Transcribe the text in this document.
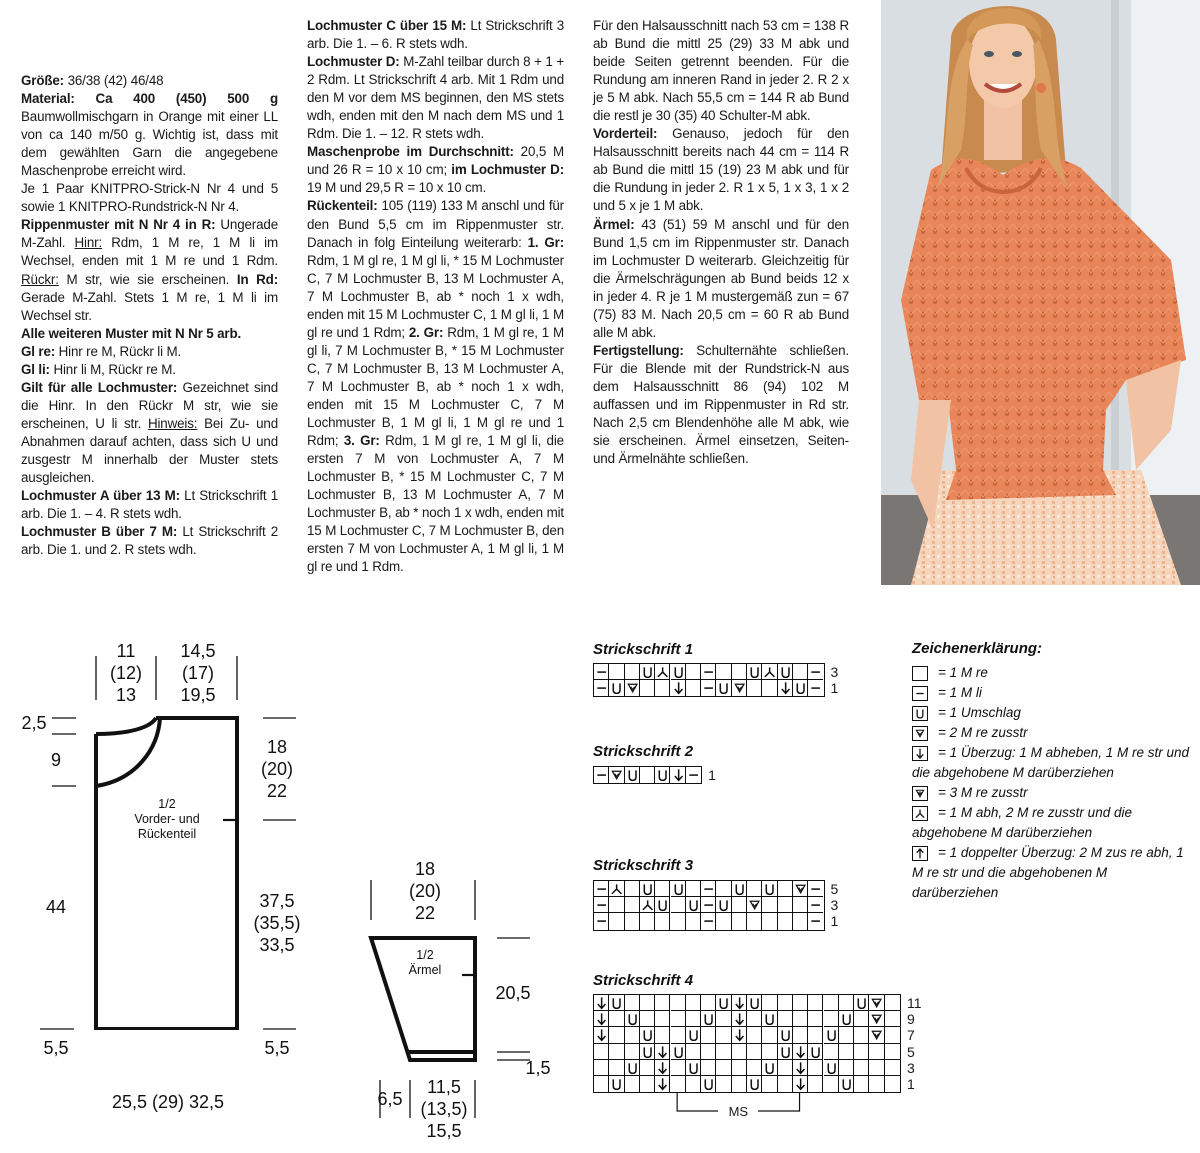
Größe: 36/38 (42) 46/48

Material: Ca 400 (450) 500 g Baumwollmischgarn in Orange mit einer LL von ca 140 m/50 g. Wichtig ist, dass mit dem gewählten Garn die angegebene Maschenprobe erreicht wird.

Je 1 Paar KNITPRO-Strick-N Nr 4 und 5 sowie 1 KNITPRO-Rundstrick-N Nr 4.

Rippenmuster mit N Nr 4 in R: Ungerade M-Zahl. Hinr: Rdm, 1 M re, 1 M li im Wechsel, enden mit 1 M re und 1 Rdm. Rückr: M str, wie sie erscheinen. In Rd: Gerade M-Zahl. Stets 1 M re, 1 M li im Wechsel str.

Alle weiteren Muster mit N Nr 5 arb.

Gl re: Hinr re M, Rückr li M.

Gl li: Hinr li M, Rückr re M.

Gilt für alle Lochmuster: Gezeichnet sind die Hinr. In den Rückr M str, wie sie erscheinen, U li str. Hinweis: Bei Zu- und Abnahmen darauf achten, dass sich U und zusgestr M innerhalb der Muster stets ausgleichen.

Lochmuster A über 13 M: Lt Strickschrift 1 arb. Die 1. – 4. R stets wdh.

Lochmuster B über 7 M: Lt Strickschrift 2 arb. Die 1. und 2. R stets wdh.

Lochmuster C über 15 M: Lt Strickschrift 3 arb. Die 1. – 6. R stets wdh.

Lochmuster D: M-Zahl teilbar durch 8 + 1 + 2 Rdm. Lt Strickschrift 4 arb. Mit 1 Rdm und den M vor dem MS beginnen, den MS stets wdh, enden mit den M nach dem MS und 1 Rdm. Die 1. – 12. R stets wdh.

Maschenprobe im Durchschnitt: 20,5 M und 26 R = 10 x 10 cm; im Lochmuster D: 19 M und 29,5 R = 10 x 10 cm.

Rückenteil: 105 (119) 133 M anschl und für den Bund 5,5 cm im Rippenmuster str. Danach in folg Einteilung weiterarb: 1. Gr: Rdm, 1 M gl re, 1 M gl li, * 15 M Lochmuster C, 7 M Lochmuster B, 13 M Lochmuster A, 7 M Lochmuster B, ab * noch 1 x wdh, enden mit 15 M Lochmuster C, 1 M gl li, 1 M gl re und 1 Rdm; 2. Gr: Rdm, 1 M gl re, 1 M gl li, 7 M Lochmuster B, * 15 M Lochmuster C, 7 M Lochmuster B, 13 M Lochmuster A, 7 M Lochmuster B, ab * noch 1 x wdh, enden mit 15 M Lochmuster C, 7 M Lochmuster B, 1 M gl li, 1 M gl re und 1 Rdm; 3. Gr: Rdm, 1 M gl re, 1 M gl li, die ersten 7 M von Lochmuster A, 7 M Lochmuster B, * 15 M Lochmuster C, 7 M Lochmuster B, 13 M Lochmuster A, 7 M Lochmuster B, ab * noch 1 x wdh, enden mit 15 M Lochmuster C, 7 M Lochmuster B, den ersten 7 M von Lochmuster A, 1 M gl li, 1 M gl re und 1 Rdm.

Für den Halsausschnitt nach 53 cm = 138 R ab Bund die mittl 25 (29) 33 M abk und beide Seiten getrennt beenden. Für die Rundung am inneren Rand in jeder 2. R 2 x je 5 M abk. Nach 55,5 cm = 144 R ab Bund die restl je 30 (35) 40 Schulter-M abk.

Vorderteil: Genauso, jedoch für den Halsausschnitt bereits nach 44 cm = 114 R ab Bund die mittl 15 (19) 23 M abk und für die Rundung in jeder 2. R 1 x 5, 1 x 3, 1 x 2 und 5 x je 1 M abk.

Ärmel: 43 (51) 59 M anschl und für den Bund 1,5 cm im Rippenmuster str. Danach im Lochmuster D weiterarb. Gleichzeitig für die Ärmelschrägungen ab Bund beids 12 x in jeder 4. R je 1 M mustergemäß zun = 67 (75) 83 M. Nach 20,5 cm = 60 R ab Bund alle M abk.

Fertigstellung: Schulternähte schließen. Für die Blende mit der Rundstrick-N aus dem Halsausschnitt 86 (94) 102 M auffassen und im Rippenmuster in Rd str. Nach 2,5 cm Blendenhöhe alle M abk, wie sie erscheinen. Ärmel einsetzen, Seiten- und Ärmelnähte schließen.

11
(12)
13
14,5
(17)
19,5
2,5
9
18
(20)
22
44	37,5
(35,5)
33,5
5,5	5,5
25,5 (29) 32,5
1/2
Vorder- und
Rückenteil
18
(20)
22
1/2
Ärmel
20,5
1,5
6,5
11,5
(13,5)
15,5
Strickschrift 1
3
1
Strickschrift 2
1
Strickschrift 3
5
3
1
Strickschrift 4
11
9
7
5
3
1
MS
Zeichenerklärung:
= 1 M re
= 1 M li
= 1 Umschlag
= 2 M re zusstr
= 1 Überzug: 1 M abheben, 1 M re str und die abgehobene M darüberziehen
= 3 M re zusstr
= 1 M abh, 2 M re zusstr und die abgehobene M darüberziehen
= 1 doppelter Überzug: 2 M zus re abh, 1 M re str und die abgehobenen M darüberziehen
